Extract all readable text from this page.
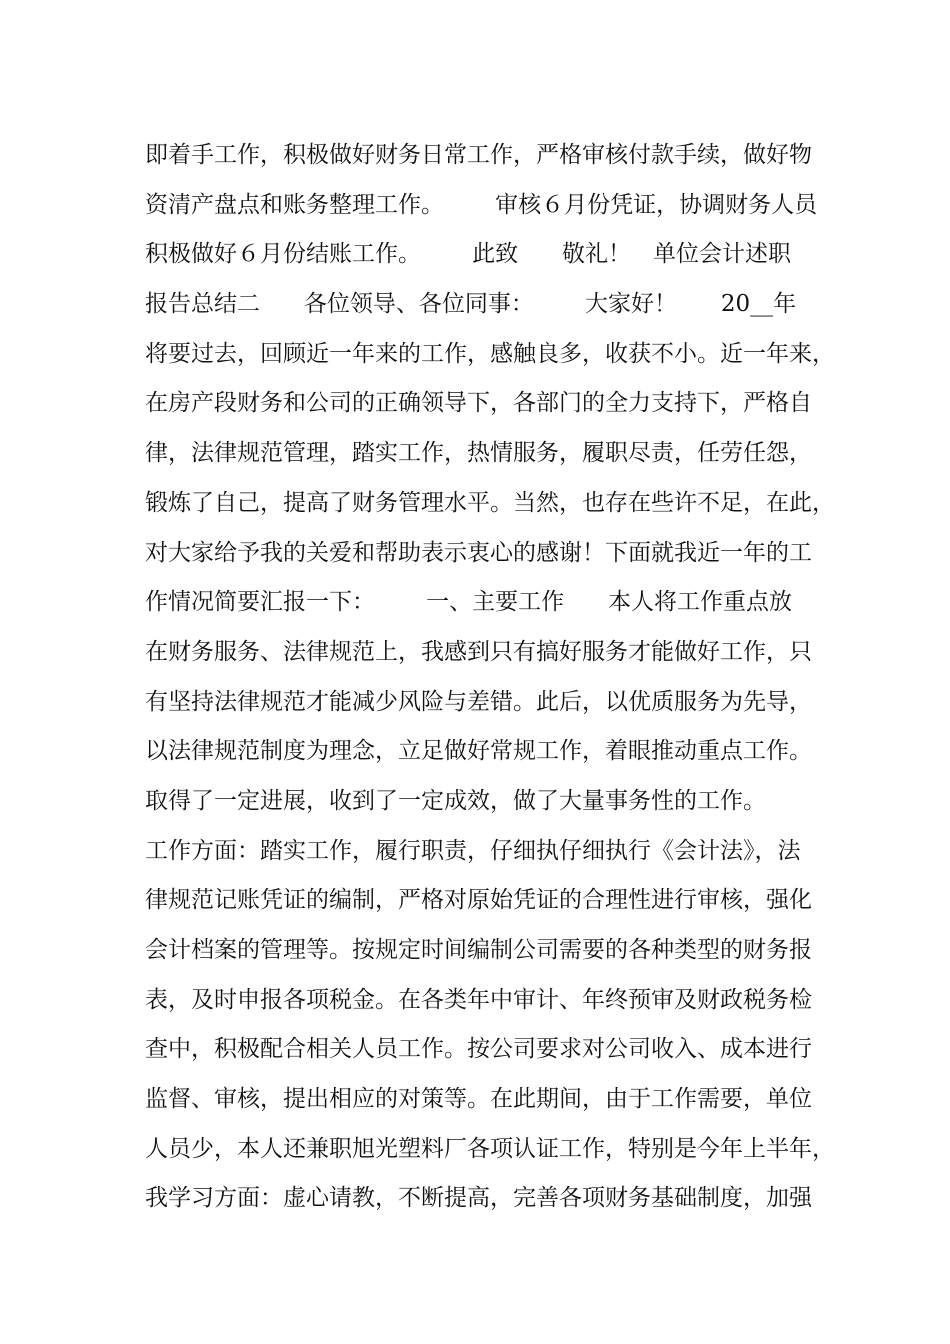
即着手工作，积极做好财务日常工作，严格审核付款手续，做好物
资清产盘点和账务整理工作。       审核６月份凭证，协调财务人员
积极做好６月份结账工作。       此致      敬礼！   单位会计述职
报告总结二      各位领导、各位同事：       大家好！      20__年
将要过去，回顾近一年来的工作，感触良多，收获不小。近一年来，
在房产段财务和公司的正确领导下，各部门的全力支持下，严格自
律，法律规范管理，踏实工作，热情服务，履职尽责，任劳任怨，
锻炼了自己，提高了财务管理水平。当然，也存在些许不足，在此，
对大家给予我的关爱和帮助表示衷心的感谢！下面就我近一年的工
作情况简要汇报一下：       一、主要工作      本人将工作重点放
在财务服务、法律规范上，我感到只有搞好服务才能做好工作，只
有坚持法律规范才能减少风险与差错。此后，以优质服务为先导，
以法律规范制度为理念，立足做好常规工作，着眼推动重点工作。
取得了一定进展，收到了一定成效，做了大量事务性的工作。
工作方面：踏实工作，履行职责，仔细执仔细执行《会计法》，法
律规范记账凭证的编制，严格对原始凭证的合理性进行审核，强化
会计档案的管理等。按规定时间编制公司需要的各种类型的财务报
表，及时申报各项税金。在各类年中审计、年终预审及财政税务检
查中，积极配合相关人员工作。按公司要求对公司收入、成本进行
监督、审核，提出相应的对策等。在此期间，由于工作需要，单位
人员少，本人还兼职旭光塑料厂各项认证工作，特别是今年上半年，
我学习方面：虚心请教，不断提高，完善各项财务基础制度，加强
